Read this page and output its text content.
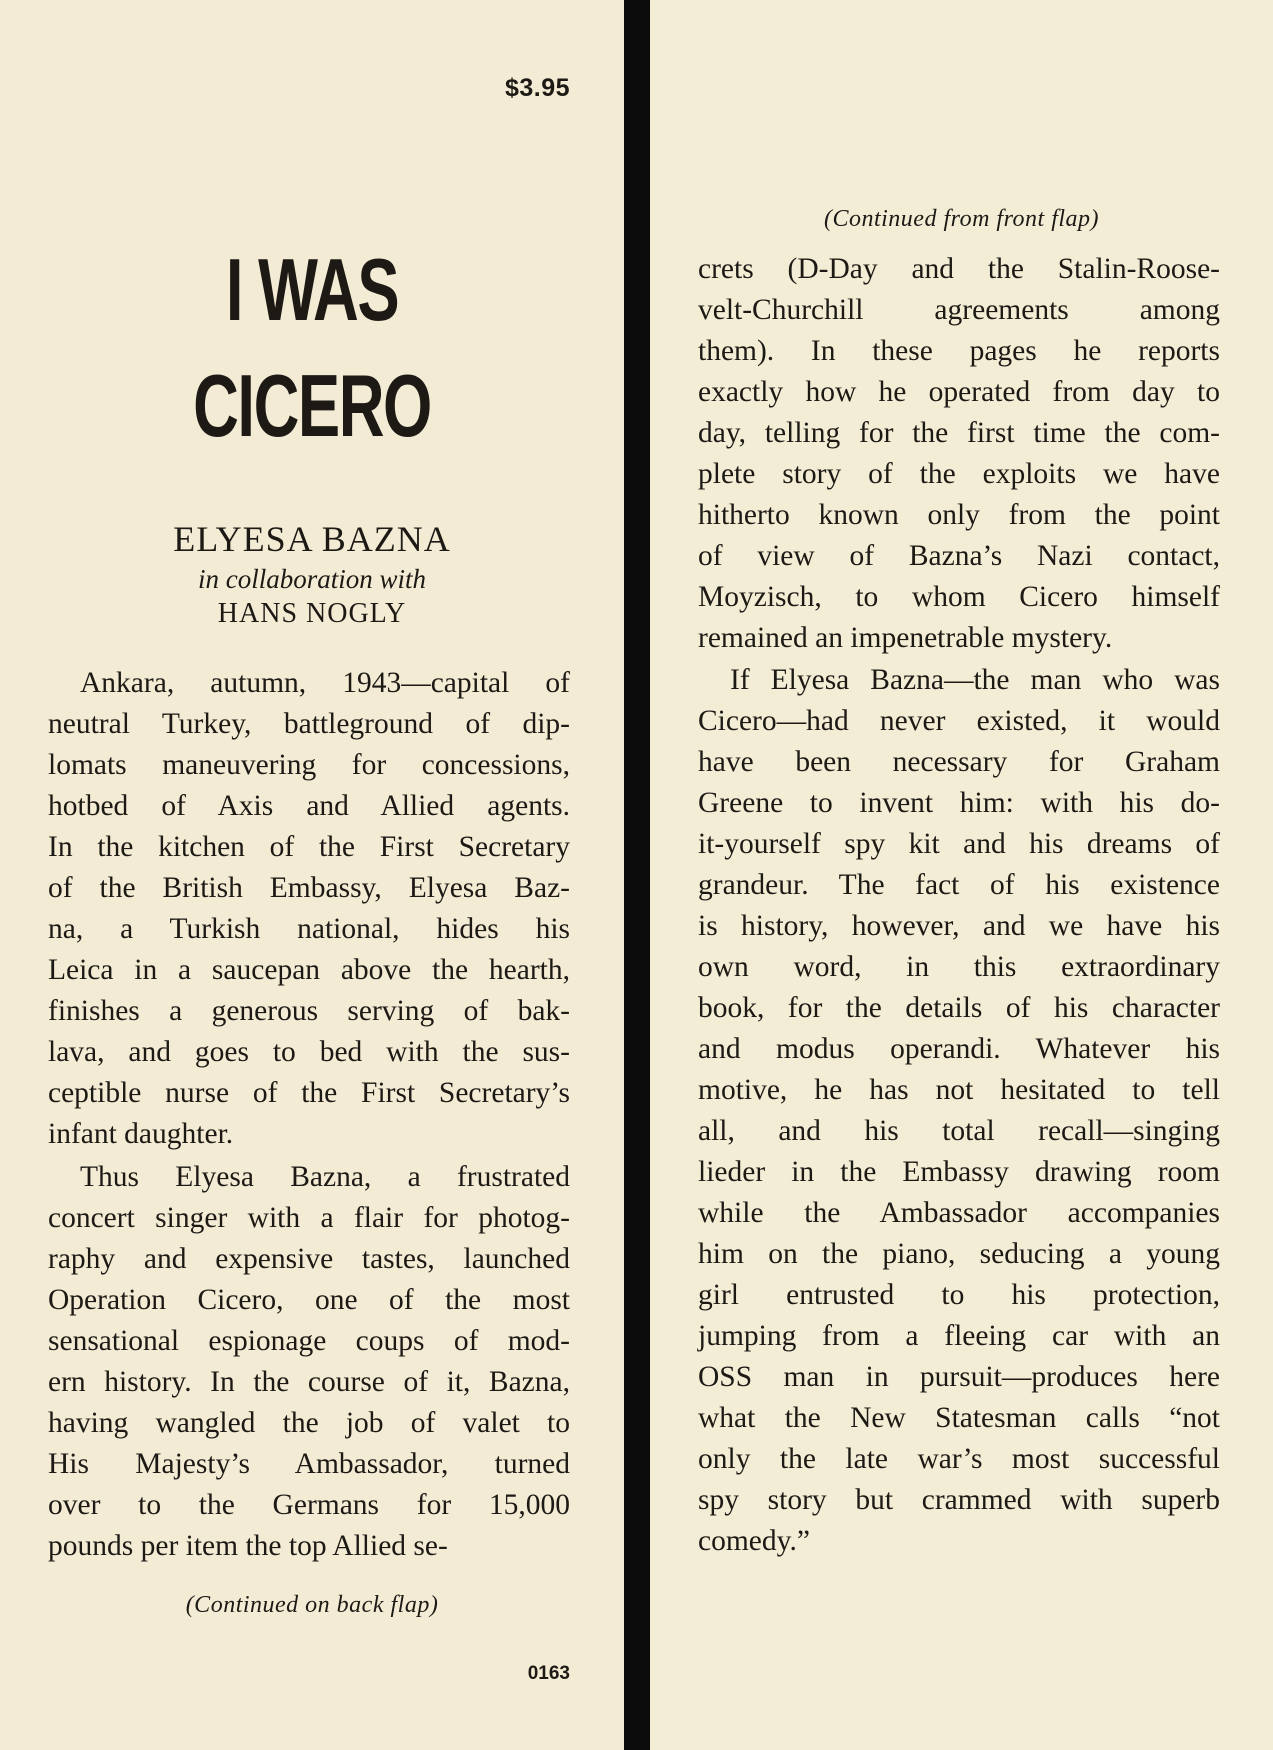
$3.95
I WAS
CICERO
ELYESA BAZNA
in collaboration with
HANS NOGLY
Ankara, autumn, 1943—capital of
neutral Turkey, battleground of dip-
lomats maneuvering for concessions,
hotbed of Axis and Allied agents.
In the kitchen of the First Secretary
of the British Embassy, Elyesa Baz-
na, a Turkish national, hides his
Leica in a saucepan above the hearth,
finishes a generous serving of bak-
lava, and goes to bed with the sus-
ceptible nurse of the First Secretary’s
infant daughter.
Thus Elyesa Bazna, a frustrated
concert singer with a flair for photog-
raphy and expensive tastes, launched
Operation Cicero, one of the most
sensational espionage coups of mod-
ern history. In the course of it, Bazna,
having wangled the job of valet to
His Majesty’s Ambassador, turned
over to the Germans for 15,000
pounds per item the top Allied se-
(Continued on back flap)
0163
(Continued from front flap)
crets (D-Day and the Stalin-Roose-
velt-Churchill agreements among
them). In these pages he reports
exactly how he operated from day to
day, telling for the first time the com-
plete story of the exploits we have
hitherto known only from the point
of view of Bazna’s Nazi contact,
Moyzisch, to whom Cicero himself
remained an impenetrable mystery.
If Elyesa Bazna—the man who was
Cicero—had never existed, it would
have been necessary for Graham
Greene to invent him: with his do-
it-yourself spy kit and his dreams of
grandeur. The fact of his existence
is history, however, and we have his
own word, in this extraordinary
book, for the details of his character
and modus operandi. Whatever his
motive, he has not hesitated to tell
all, and his total recall—singing
lieder in the Embassy drawing room
while the Ambassador accompanies
him on the piano, seducing a young
girl entrusted to his protection,
jumping from a fleeing car with an
OSS man in pursuit—produces here
what the New Statesman calls “not
only the late war’s most successful
spy story but crammed with superb
comedy.”
